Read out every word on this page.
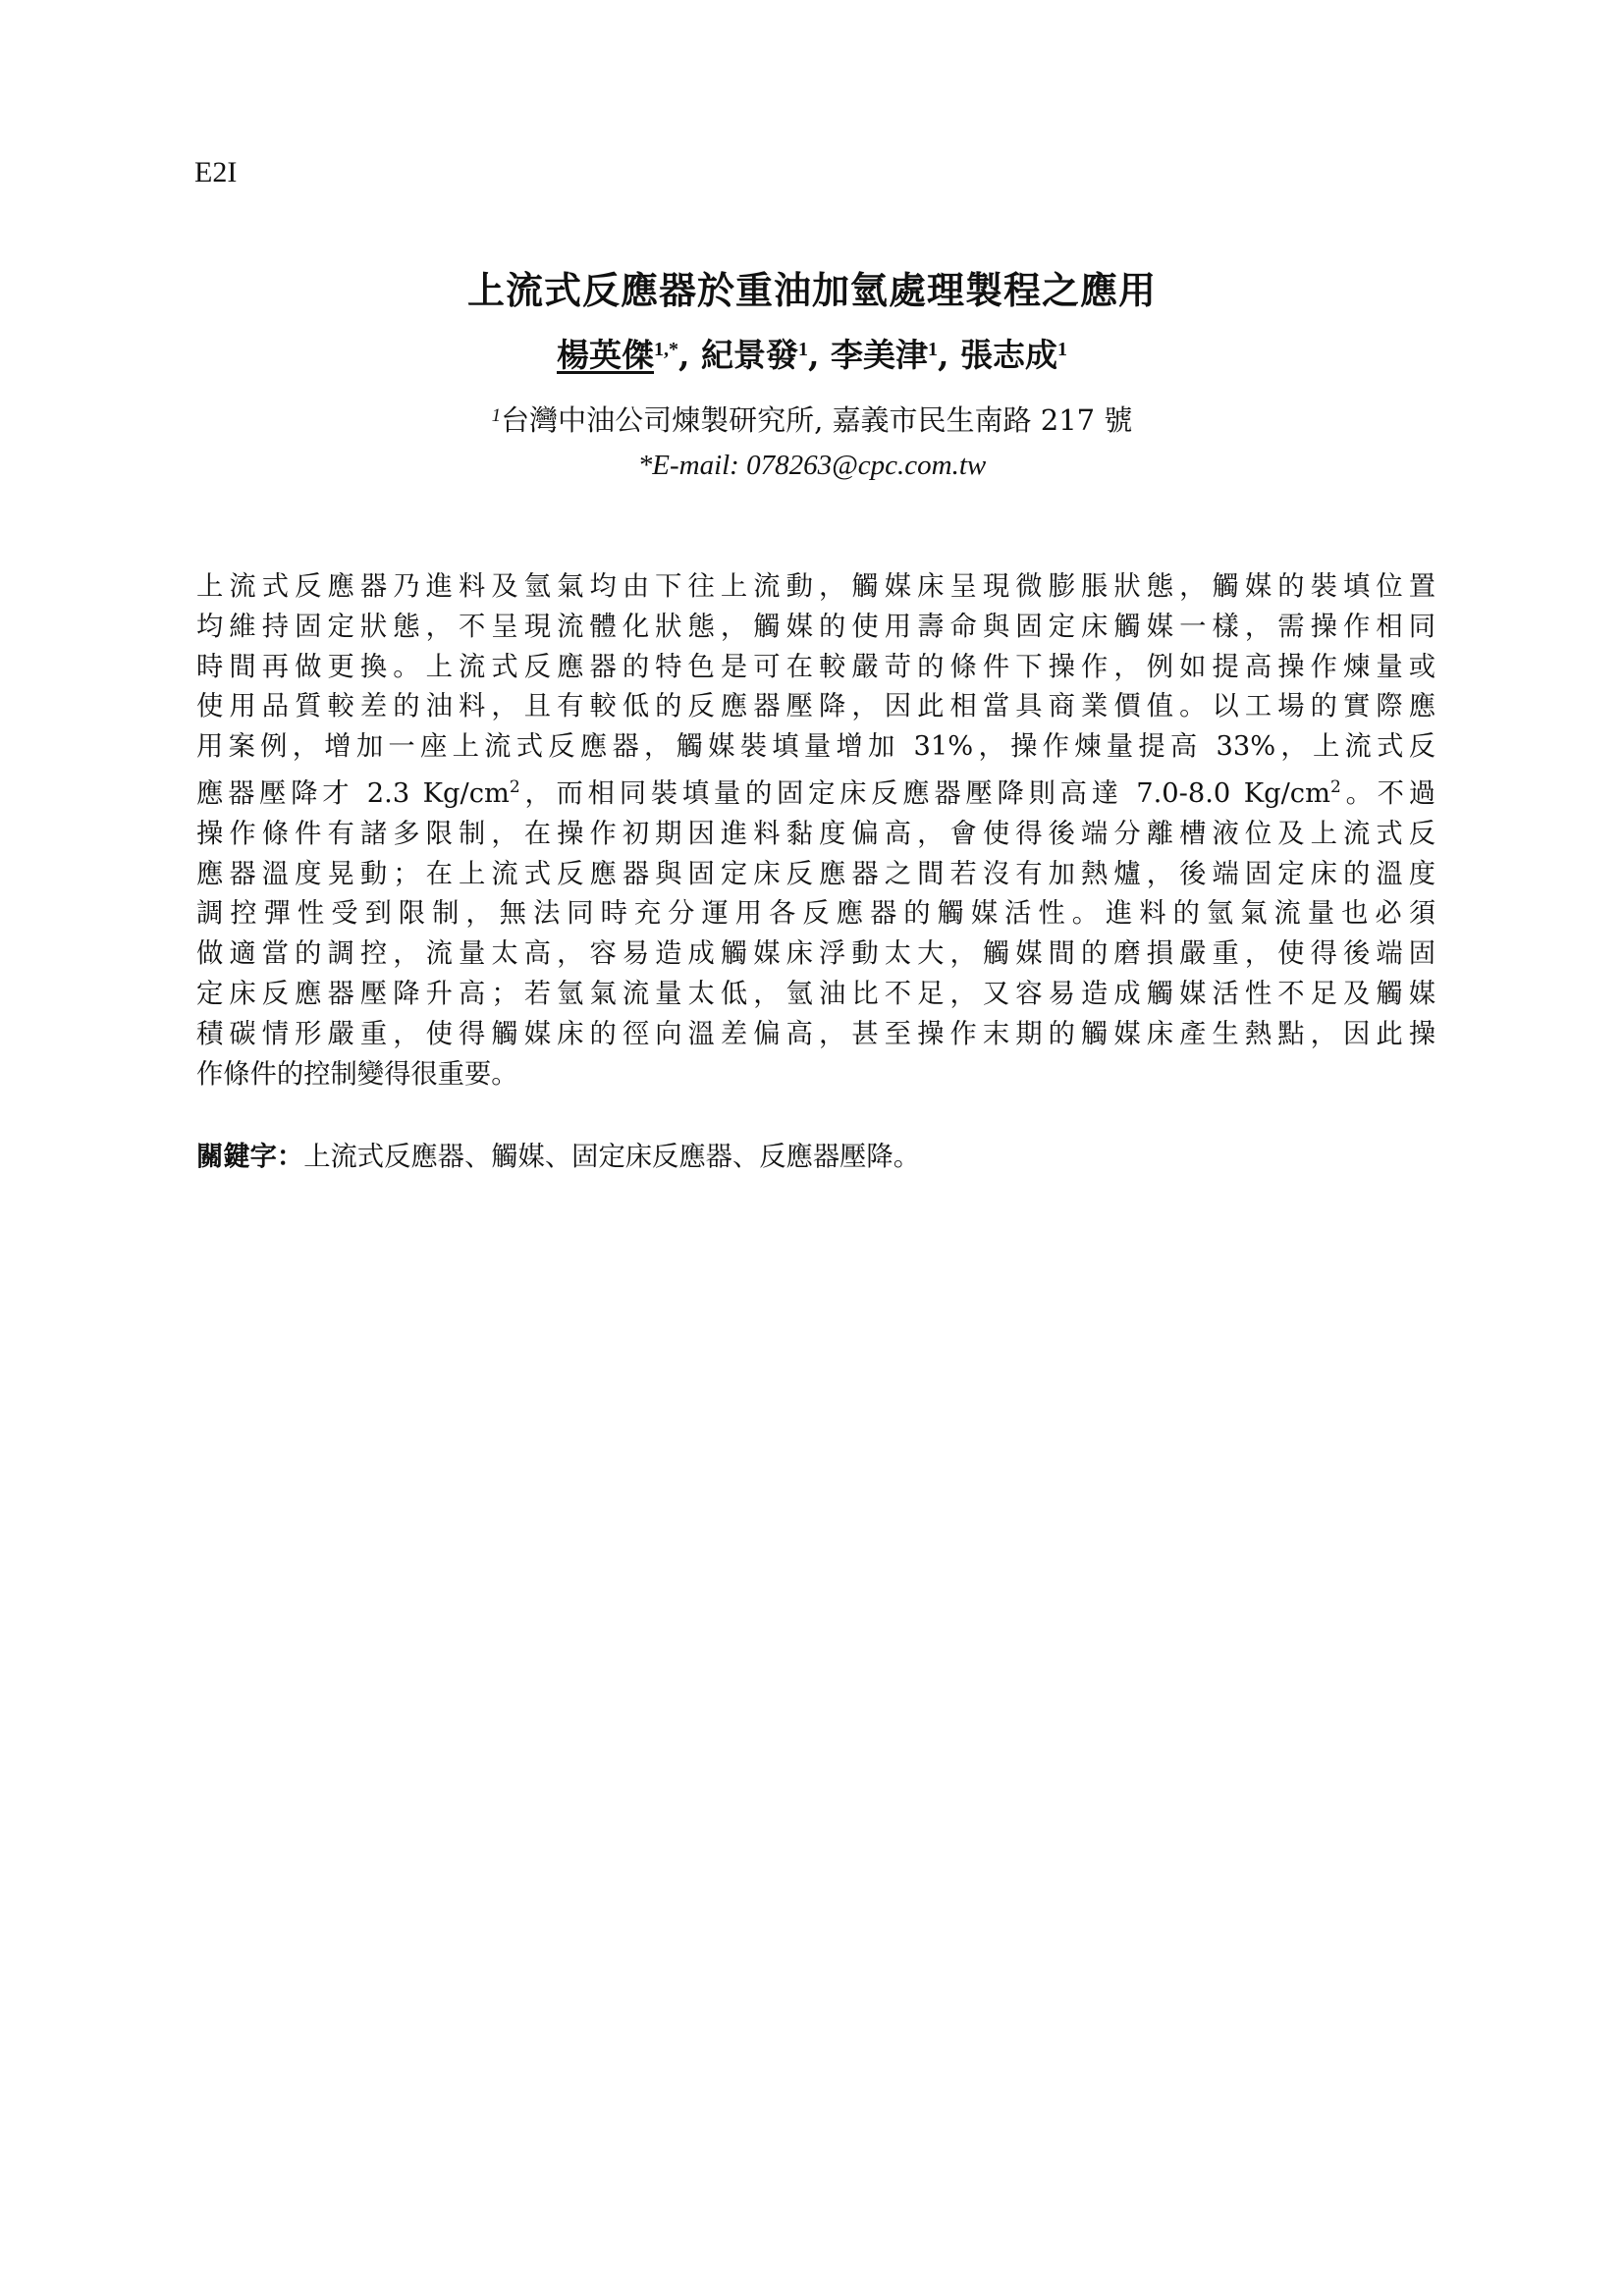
E2I
上流式反應器於重油加氫處理製程之應用
楊英傑$^{1,*}$, 紀景發$^1$, 李美津$^1$, 張志成$^1$
$^1$台灣中油公司煉製研究所, 嘉義市民生南路 217 號
*E-mail: 078263@cpc.com.tw
上流式反應器乃進料及氫氣均由下往上流動，觸媒床呈現微膨脹狀態，觸媒的裝填位置
均維持固定狀態，不呈現流體化狀態，觸媒的使用壽命與固定床觸媒一樣，需操作相同
時間再做更換。上流式反應器的特色是可在較嚴苛的條件下操作，例如提高操作煉量或
使用品質較差的油料，且有較低的反應器壓降，因此相當具商業價值。以工場的實際應
用案例，增加一座上流式反應器，觸媒裝填量增加 31%，操作煉量提高 33%，上流式反
應器壓降才 2.3 $Kg/cm^2$，而相同裝填量的固定床反應器壓降則高達 7.0-8.0 $Kg/cm^2$。不過
操作條件有諸多限制，在操作初期因進料黏度偏高，會使得後端分離槽液位及上流式反
應器溫度晃動；在上流式反應器與固定床反應器之間若沒有加熱爐，後端固定床的溫度
調控彈性受到限制，無法同時充分運用各反應器的觸媒活性。進料的氫氣流量也必須
做適當的調控，流量太高，容易造成觸媒床浮動太大，觸媒間的磨損嚴重，使得後端固
定床反應器壓降升高；若氫氣流量太低，氫油比不足，又容易造成觸媒活性不足及觸媒
積碳情形嚴重，使得觸媒床的徑向溫差偏高，甚至操作末期的觸媒床產生熱點，因此操
作條件的控制變得很重要。
關鍵字：上流式反應器、觸媒、固定床反應器、反應器壓降。
